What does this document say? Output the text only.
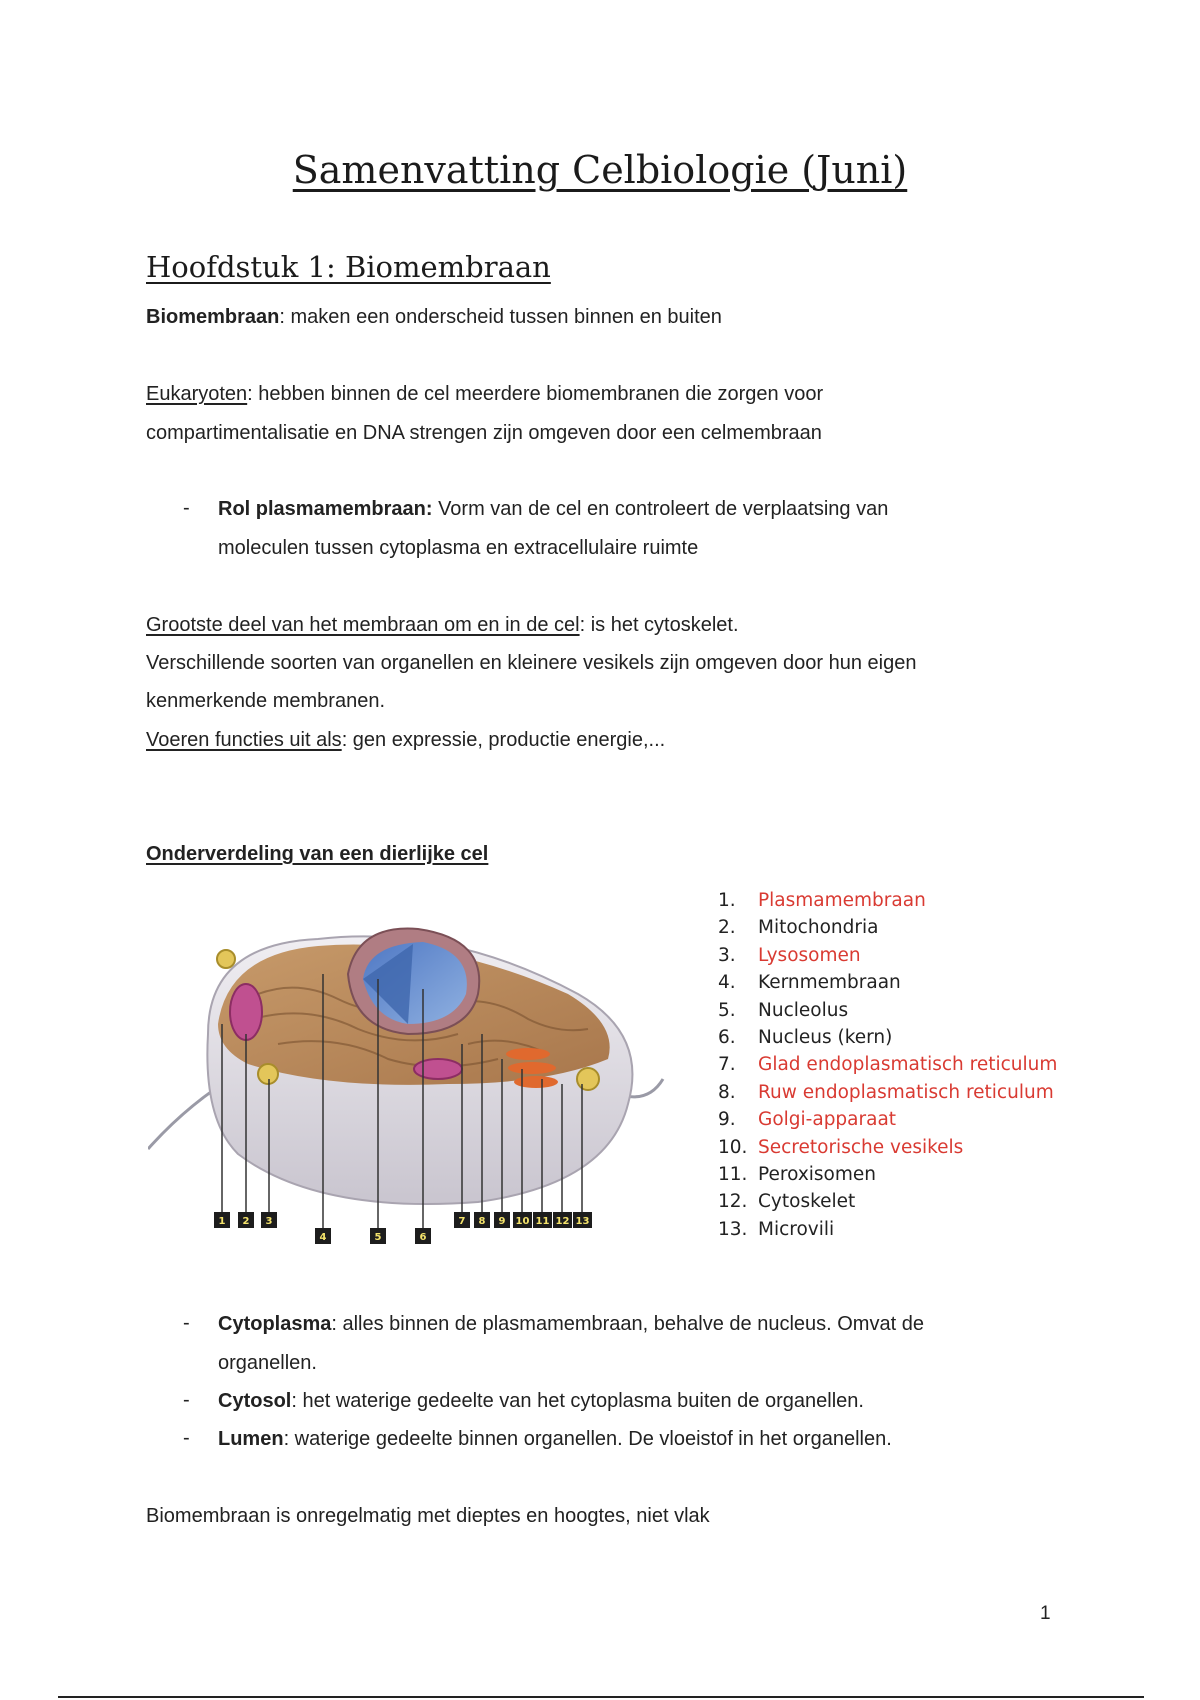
Samenvatting Celbiologie (Juni)
Hoofdstuk 1: Biomembraan
Biomembraan: maken een onderscheid tussen binnen en buiten
Eukaryoten: hebben binnen de cel meerdere biomembranen die zorgen voor
compartimentalisatie en DNA strengen zijn omgeven door een celmembraan
- Rol plasmamembraan: Vorm van de cel en controleert de verplaatsing van
moleculen tussen cytoplasma en extracellulaire ruimte
Grootste deel van het membraan om en in de cel: is het cytoskelet.
Verschillende soorten van organellen en kleinere vesikels zijn omgeven door hun eigen
kenmerkende membranen.
Voeren functies uit als: gen expressie, productie energie,...
Onderverdeling van een dierlijke cel
1 2 3
4	5	6
7 8 9 10 11 12 13
1. Plasmamembraan
2. Mitochondria
3. Lysosomen
4. Kernmembraan
5. Nucleolus
6. Nucleus (kern)
7. Glad endoplasmatisch reticulum
8. Ruw endoplasmatisch reticulum
9. Golgi-apparaat
10. Secretorische vesikels
11. Peroxisomen
12. Cytoskelet
13. Microvili
- Cytoplasma: alles binnen de plasmamembraan, behalve de nucleus. Omvat de
organellen.
- Cytosol: het waterige gedeelte van het cytoplasma buiten de organellen.
- Lumen: waterige gedeelte binnen organellen. De vloeistof in het organellen.
Biomembraan is onregelmatig met dieptes en hoogtes, niet vlak
1
